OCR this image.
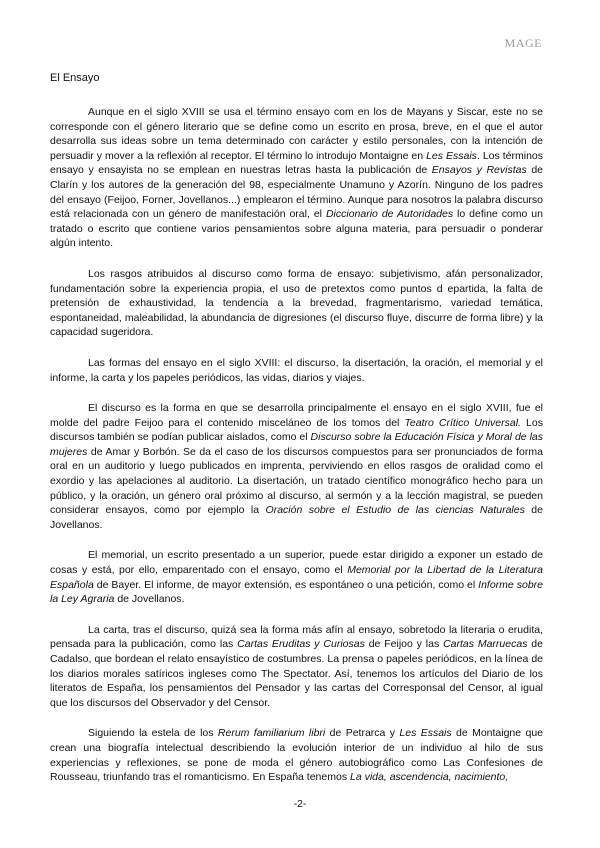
MAGE
El Ensayo

Aunque en el siglo XVIII se usa el término ensayo com en los de Mayans y Siscar, este no se corresponde con el género literario que se define como un escrito en prosa, breve, en el que el autor desarrolla sus ideas sobre un tema determinado con carácter y estilo personales, con la intención de persuadir y mover a la reflexión al receptor. El término lo introdujo Montaigne en Les Essais. Los términos ensayo y ensayista no se emplean en nuestras letras hasta la publicación de Ensayos y Revistas de Clarín y los autores de la generación del 98, especialmente Unamuno y Azorín. Ninguno de los padres del ensayo (Feijoo, Forner, Jovellanos...) emplearon el término. Aunque para nosotros la palabra discurso está relacionada con un género de manifestación oral, el Diccionario de Autoridades lo define como un tratado o escrito que contiene varios pensamientos sobre alguna materia, para persuadir o ponderar algún intento.

Los rasgos atribuidos al discurso como forma de ensayo: subjetivismo, afán personalizador, fundamentación sobre la experiencia propia, el uso de pretextos como puntos d epartida, la falta de pretensión de exhaustividad, la tendencia a la brevedad, fragmentarismo, variedad temática, espontaneidad, maleabilidad, la abundancia de digresiones (el discurso fluye, discurre de forma libre) y la capacidad sugeridora.

Las formas del ensayo en el siglo XVIII: el discurso, la disertación, la oración, el memorial y el informe, la carta y los papeles periódicos, las vidas, diarios y viajes.

El discurso es la forma en que se desarrolla principalmente el ensayo en el siglo XVIII, fue el molde del padre Feijoo para el contenido misceláneo de los tomos del Teatro Crítico Universal. Los discursos también se podían publicar aislados, como el Discurso sobre la Educación Física y Moral de las mujeres de Amar y Borbón. Se da el caso de los discursos compuestos para ser pronunciados de forma oral en un auditorio y luego publicados en imprenta, perviviendo en ellos rasgos de oralidad como el exordio y las apelaciones al auditorio. La disertación, un tratado científico monográfico hecho para un público, y la oración, un género oral próximo al discurso, al sermón y a la lección magistral, se pueden considerar ensayos, como por ejemplo la Oración sobre el Estudio de las ciencias Naturales de Jovellanos.

El memorial, un escrito presentado a un superior, puede estar dirigido a exponer un estado de cosas y está, por ello, emparentado con el ensayo, como el Memorial por la Libertad de la Literatura Española de Bayer. El informe, de mayor extensión, es espontáneo o una petición, como el Informe sobre la Ley Agraria de Jovellanos.

La carta, tras el discurso, quizá sea la forma más afín al ensayo, sobretodo la literaria o erudita, pensada para la publicación, como las Cartas Eruditas y Curiosas de Feijoo y las Cartas Marruecas de Cadalso, que bordean el relato ensayístico de costumbres. La prensa o papeles periódicos, en la línea de los diarios morales satíricos ingleses como The Spectator. Así, tenemos los artículos del Diario de los literatos de España, los pensamientos del Pensador y las cartas del Corresponsal del Censor, al igual que los discursos del Observador y del Censor.

Siguiendo la estela de los Rerum familiarium libri de Petrarca y Les Essais de Montaigne que crean una biografía intelectual describiendo la evolución interior de un individuo al hilo de sus experiencias y reflexiones, se pone de moda el género autobiográfico como Las Confesiones de Rousseau, triunfando tras el romanticismo. En España tenemos La vida, ascendencia, nacimiento,

-2-
